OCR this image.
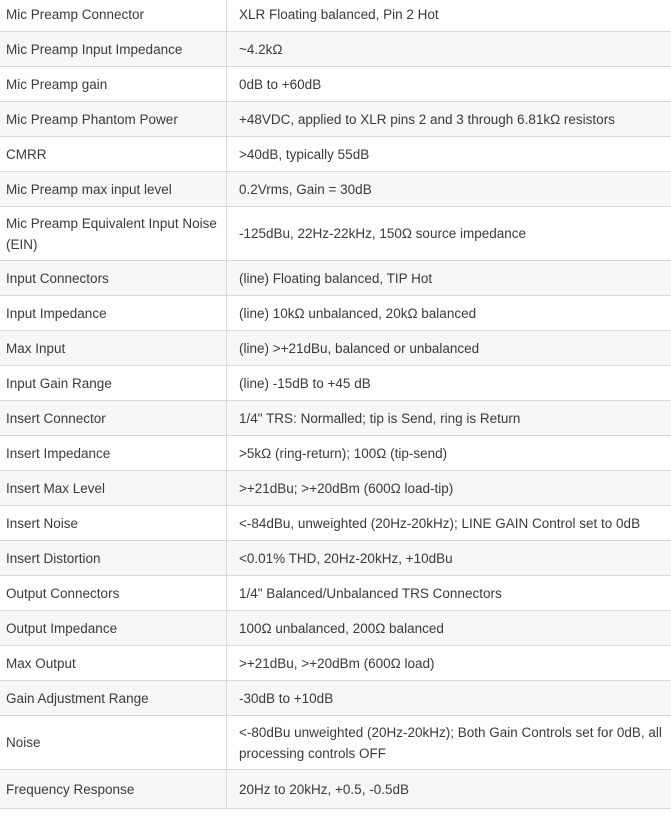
Mic Preamp Connector	XLR Floating balanced, Pin 2 Hot
Mic Preamp Input Impedance	~4.2kΩ
Mic Preamp gain	0dB to +60dB
Mic Preamp Phantom Power	+48VDC, applied to XLR pins 2 and 3 through 6.81kΩ resistors
CMRR	>40dB, typically 55dB
Mic Preamp max input level	0.2Vrms, Gain = 30dB
Mic Preamp Equivalent Input Noise (EIN)	-125dBu, 22Hz-22kHz, 150Ω source impedance
Input Connectors	(line) Floating balanced, TIP Hot
Input Impedance	(line) 10kΩ unbalanced, 20kΩ balanced
Max Input	(line) >+21dBu, balanced or unbalanced
Input Gain Range	(line) -15dB to +45 dB
Insert Connector	1/4" TRS: Normalled; tip is Send, ring is Return
Insert Impedance	>5kΩ (ring-return); 100Ω (tip-send)
Insert Max Level	>+21dBu; >+20dBm (600Ω load-tip)
Insert Noise	<-84dBu, unweighted (20Hz-20kHz); LINE GAIN Control set to 0dB
Insert Distortion	<0.01% THD, 20Hz-20kHz, +10dBu
Output Connectors	1/4" Balanced/Unbalanced TRS Connectors
Output Impedance	100Ω unbalanced, 200Ω balanced
Max Output	>+21dBu, >+20dBm (600Ω load)
Gain Adjustment Range	-30dB to +10dB
Noise	<-80dBu unweighted (20Hz-20kHz); Both Gain Controls set for 0dB, all processing controls OFF
Frequency Response	20Hz to 20kHz, +0.5, -0.5dB
